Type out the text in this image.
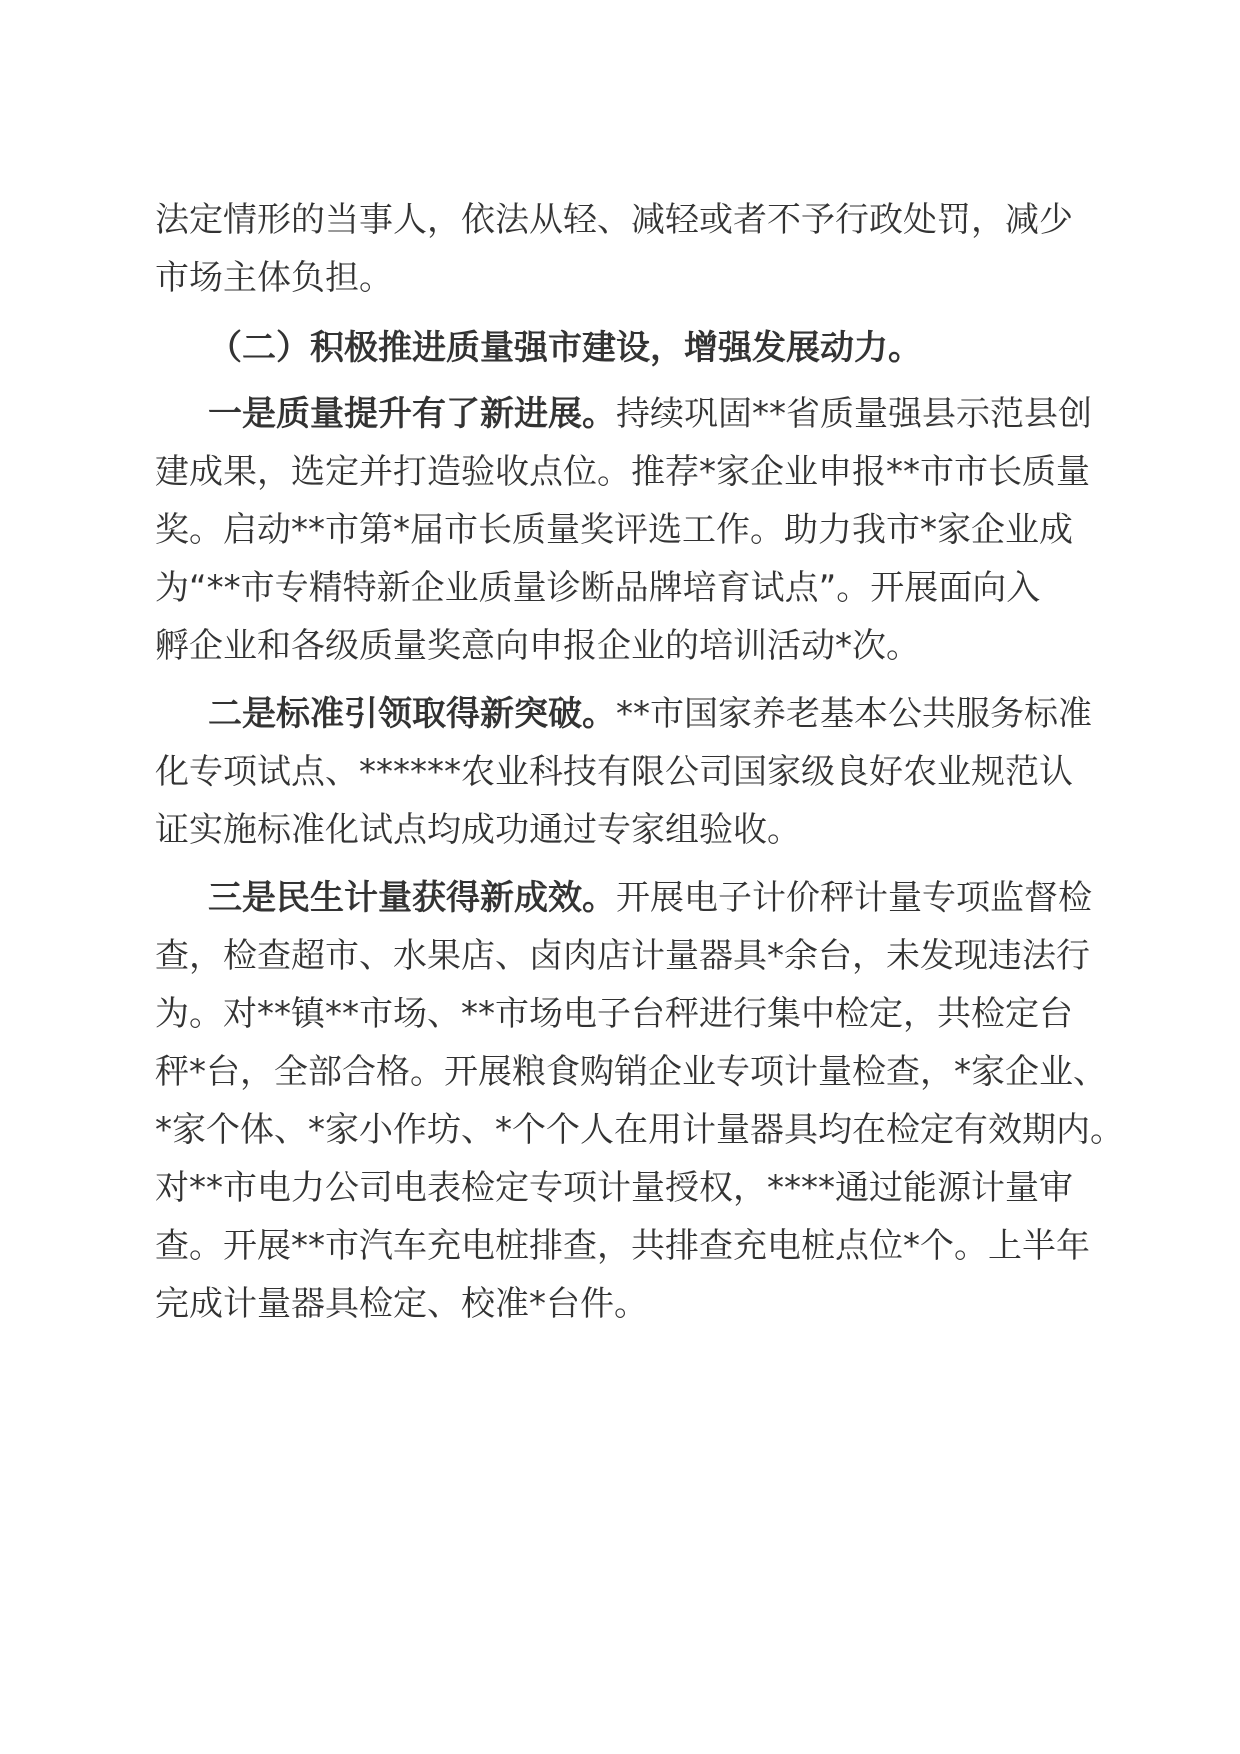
法定情形的当事人，依法从轻、减轻或者不予行政处罚，减少
市场主体负担。
（二）积极推进质量强市建设，增强发展动力。
一是质量提升有了新进展。持续巩固**省质量强县示范县创
建成果，选定并打造验收点位。推荐*家企业申报**市市长质量
奖。启动**市第*届市长质量奖评选工作。助力我市*家企业成
为“**市专精特新企业质量诊断品牌培育试点”。开展面向入
孵企业和各级质量奖意向申报企业的培训活动*次。
二是标准引领取得新突破。**市国家养老基本公共服务标准
化专项试点、******农业科技有限公司国家级良好农业规范认
证实施标准化试点均成功通过专家组验收。
三是民生计量获得新成效。开展电子计价秤计量专项监督检
查，检查超市、水果店、卤肉店计量器具*余台，未发现违法行
为。对**镇**市场、**市场电子台秤进行集中检定，共检定台
秤*台，全部合格。开展粮食购销企业专项计量检查，*家企业、
*家个体、*家小作坊、*个个人在用计量器具均在检定有效期内。
对**市电力公司电表检定专项计量授权，****通过能源计量审
查。开展**市汽车充电桩排查，共排查充电桩点位*个。上半年
完成计量器具检定、校准*台件。
